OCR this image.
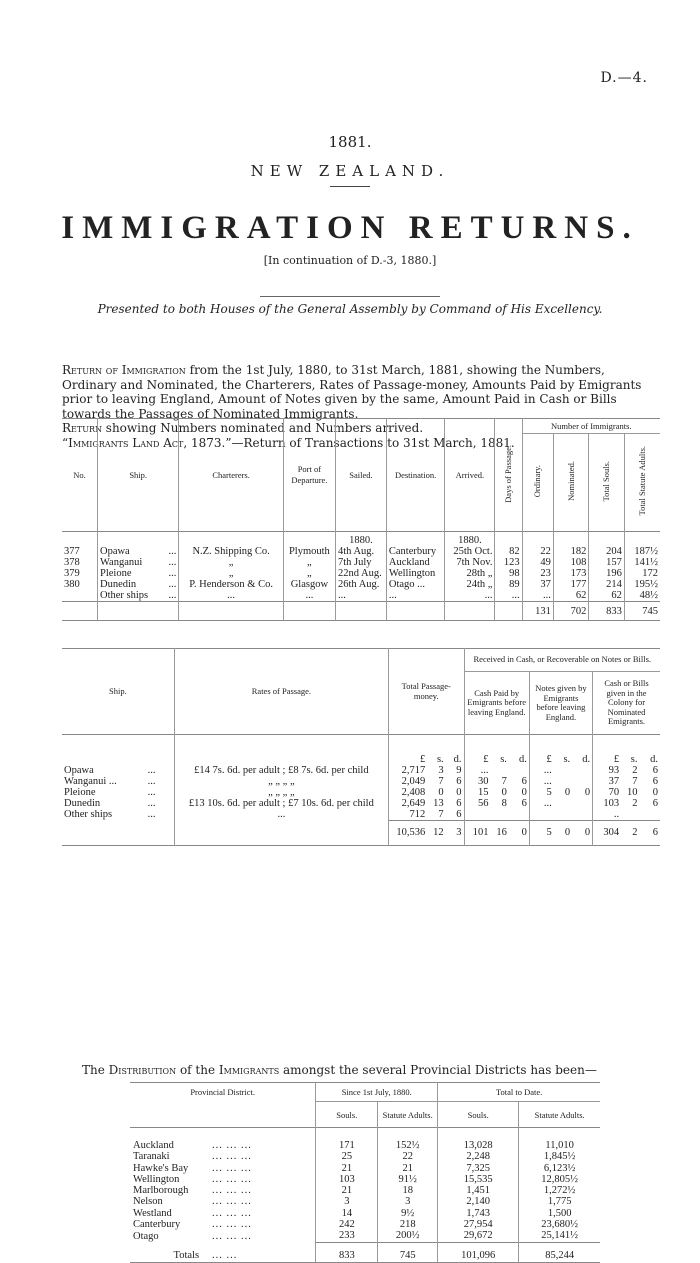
D.—4.
1881.
NEW ZEALAND.
IMMIGRATION RETURNS.
[In continuation of D.-3, 1880.]
Presented to both Houses of the General Assembly by Command of His Excellency.

Return of Immigration from the 1st July, 1880, to 31st March, 1881, showing the Numbers, Ordinary and Nominated, the Charterers, Rates of Passage-money, Amounts Paid by Emigrants prior to leaving England, Amount of Notes given by the same, Amount Paid in Cash or Bills towards the Passages of Nominated Immigrants.

Return showing Numbers nominated and Numbers arrived.

“Immigrants Land Act, 1873.”—Return of Transactions to 31st March, 1881.

No.	Ship.	Charterers.	Port of Departure.	Sailed.	Destination.	Arrived.	Days of Passage.	Number of Immigrants.			
								Ordinary.	Nominated.	Total Souls.	Total Statute Adults.
				1880.		1880.					
377	Opawa ...	N.Z. Shipping Co.	Plymouth	4th Aug.	Canterbury	25th Oct.	82	22	182	204	187½
378	Wanganui ...	„	„	7th July	Auckland	7th Nov.	123	49	108	157	141½
379	Pleione ...	„	„	22nd Aug.	Wellington	28th „	98	23	173	196	172
380	Dunedin ...	P. Henderson & Co.	Glasgow	26th Aug.	Otago ...	24th „	89	37	177	214	195½
	Other ships ...	...	...	...	...	...	...	...	62	62	48½
								131	702	833	745
Ship.		Rates of Passage.	Total Passage-money.			Received in Cash, or Recoverable on Notes or Bills.								
						Cash Paid by Emigrants before leaving England.			Notes given by Emigrants before leaving England.			Cash or Bills given in the Colony for Nominated Emigrants.		
			£	s.	d.	£	s.	d.	£	s.	d.	£	s.	d.
Opawa	...	£14 7s. 6d. per adult ; £8 7s. 6d. per child	2,717	3	9	...			...			93	2	6
Wanganui ...	...	„ „ „ „	2,049	7	6	30	7	6	...			37	7	6
Pleione	...	„ „ „ „	2,408	0	0	15	0	0	5	0	0	70	10	0
Dunedin	...	£13 10s. 6d. per adult ; £7 10s. 6d. per child	2,649	13	6	56	8	6	...			103	2	6
Other ships	...	...	712	7	6							..		
			10,536	12	3	101	16	0	5	0	0	304	2	6
The Distribution of the Immigrants amongst the several Provincial Districts has been—
Provincial District.		Since 1st July, 1880.		Total to Date.	
		Souls.	Statute Adults.	Souls.	Statute Adults.

Auckland	... ... ...	171	152½	13,028	11,010
Taranaki	... ... ...	25	22	2,248	1,845½
Hawke's Bay	... ... ...	21	21	7,325	6,123½
Wellington	... ... ...	103	91½	15,535	12,805½
Marlborough	... ... ...	21	18	1,451	1,272½
Nelson	... ... ...	3	3	2,140	1,775
Westland	... ... ...	14	9½	1,743	1,500
Canterbury	... ... ...	242	218	27,954	23,680½
Otago	... ... ...	233	200½	29,672	25,141½

Totals	... ...	833	745	101,096	85,244
